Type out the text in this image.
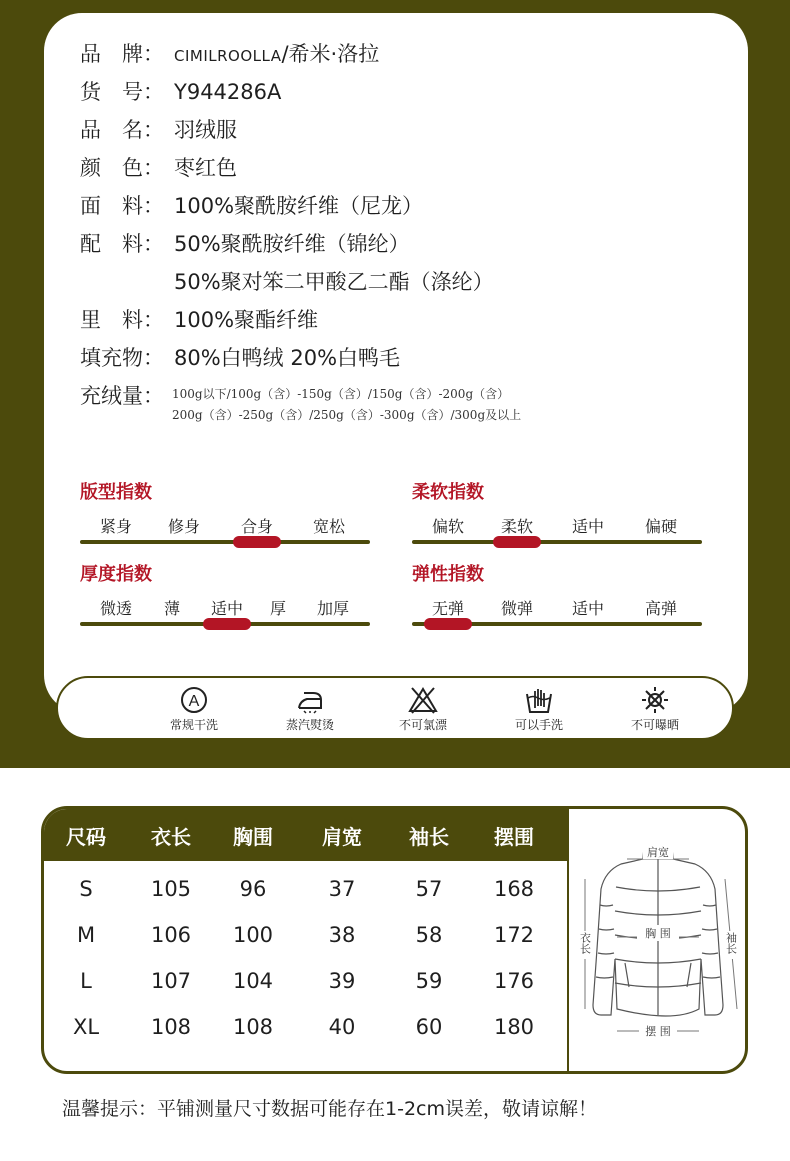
品　牌： CIMILROOLLA/希米·洛拉
货　号： Y944286A
品　名： 羽绒服
颜　色： 枣红色
面　料： 100%聚酰胺纤维（尼龙）
配　料： 50%聚酰胺纤维（锦纶）
50%聚对笨二甲酸乙二酯（涤纶）
里　料： 100%聚酯纤维
填充物： 80%白鸭绒 20%白鸭毛
充绒量： 100g以下/100g（含）-150g（含）/150g（含）-200g（含）
200g（含）-250g（含）/250g（含）-300g（含）/300g及以上
版型指数
紧身 修身	合身 宽松
柔软指数
偏软 柔软 适中	偏硬
厚度指数
微透 薄 适中 厚 加厚
弹性指数
无弹 微弹 适中	高弹
A
常规干洗	蒸汽熨烫	不可氯漂	可以手洗	不可曝晒
尺码 衣长 胸围 肩宽 袖长 摆围
S	105 96	37	57 168
M	106 100	38	58 172
L	107 104	39	59 176
XL 108 108	40	60 180
肩宽
胸 围
衣长	袖长
摆 围
温馨提示：平铺测量尺寸数据可能存在1-2cm误差，敬请谅解！
